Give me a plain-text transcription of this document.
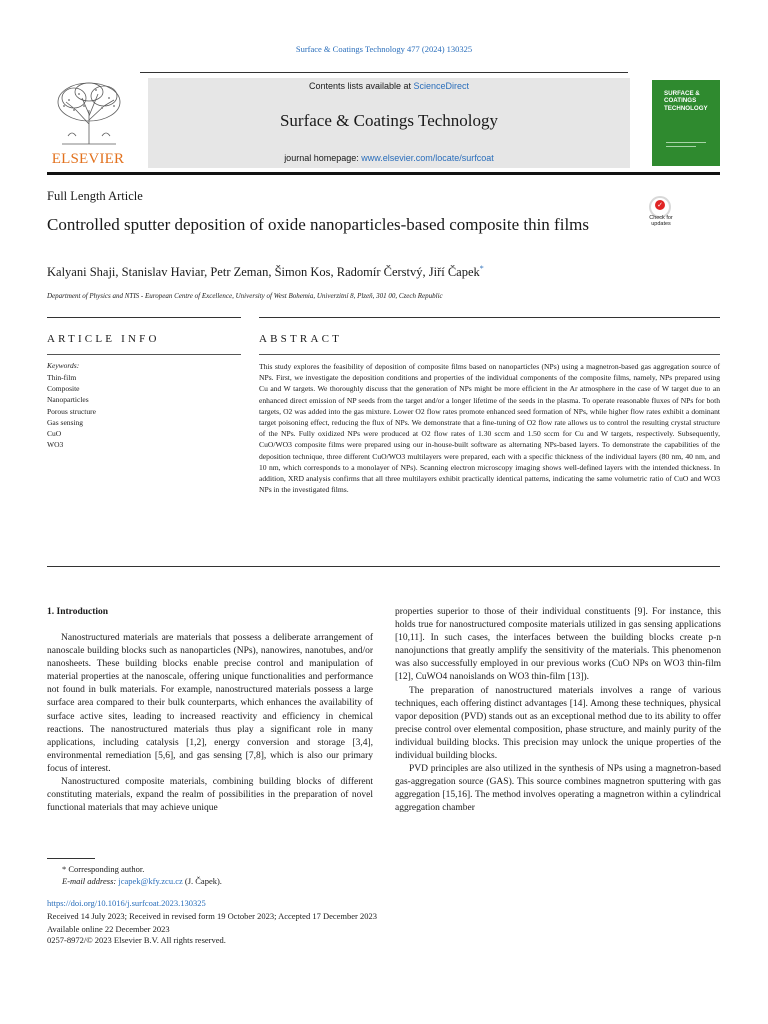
Surface & Coatings Technology 477 (2024) 130325
ELSEVIER
Contents lists available at ScienceDirect
Surface & Coatings Technology
journal homepage: www.elsevier.com/locate/surfcoat
SURFACE &
COATINGS
TECHNOLOGY
Full Length Article
Controlled sputter deposition of oxide nanoparticles-based composite thin films
✓
Check for
updates
Kalyani Shaji, Stanislav Haviar, Petr Zeman, Šimon Kos, Radomír Čerstvý, Jiří Čapek*
Department of Physics and NTIS - European Centre of Excellence, University of West Bohemia, Univerzitní 8, Plzeň, 301 00, Czech Republic
ARTICLE INFO	ABSTRACT
Keywords:
Thin-film
Composite
Nanoparticles
Porous structure
Gas sensing
CuO
WO3
This study explores the feasibility of deposition of composite films based on nanoparticles (NPs) using a magnetron-based gas aggregation source of NPs. First, we investigate the deposition conditions and properties of the individual components of the composite films, namely, NPs prepared using Cu and W targets. We thoroughly discuss that the generation of NPs might be more efficient in the Ar atmosphere in the case of W target due to an enhanced direct emission of NP seeds from the target and/or a longer lifetime of the seeds in the plasma. To operate reasonable fluxes of NPs for both targets, O2 was added into the gas mixture. Lower O2 flow rates promote enhanced seed formation of NPs, while higher flow rates exhibit a dominant target poisoning effect, reducing the flux of NPs. We demonstrate that a fine-tuning of O2 flow rate allows us to control the resulting crystal structure of the NPs. Fully oxidized NPs were produced at O2 flow rates of 1.30 sccm and 1.50 sccm for Cu and W targets, respectively. Subsequently, CuO/WO3 composite films were prepared using our in-house-built software as alternating NPs-based layers. To demonstrate the capabilities of the deposition technique, three different CuO/WO3 multilayers were prepared, each with a specific thickness of the individual layers (80 nm, 40 nm, and 10 nm, which corresponds to a monolayer of NPs). Scanning electron microscopy imaging shows well-defined layers with the intended thickness. In addition, XRD analysis confirms that all three multilayers exhibit practically identical patterns, indicating the same volumetric ratio of CuO and WO3 NPs in the investigated films.
1. Introduction

Nanostructured materials are materials that possess a deliberate arrangement of nanoscale building blocks such as nanoparticles (NPs), nanowires, nanotubes, and/or nanosheets. These building blocks enable precise control and manipulation of material properties at the nanoscale, offering unique functionalities and performance not found in bulk materials. For example, nanostructured materials possess a large surface area compared to their bulk counterparts, which enhances the availability of surface active sites, leading to increased reactivity and efficiency in chemical reactions. The nanostructured materials thus play a significant role in many applications, including catalysis [1,2], energy conversion and storage [3,4], environmental remediation [5,6], and gas sensing [7,8], which is also our primary focus of interest.

Nanostructured composite materials, combining building blocks of different constituting materials, expand the realm of possibilities in the preparation of novel functional materials that may achieve unique

properties superior to those of their individual constituents [9]. For instance, this holds true for nanostructured composite materials utilized in gas sensing applications [10,11]. In such cases, the interfaces between the building blocks create p-n nanojunctions that greatly amplify the sensitivity of the materials. This phenomenon was also successfully employed in our previous works (CuO NPs on WO3 thin-film [12], CuWO4 nanoislands on WO3 thin-film [13]).

The preparation of nanostructured materials involves a range of various techniques, each offering distinct advantages [14]. Among these techniques, physical vapor deposition (PVD) stands out as an exceptional method due to its ability to offer precise control over elemental composition, phase structure, and mainly purity of the individual building blocks. This precision may unlock the unique properties of the individual building blocks.

PVD principles are also utilized in the synthesis of NPs using a magnetron-based gas-aggregation source (GAS). This source combines magnetron sputtering with gas aggregation [15,16]. The method involves operating a magnetron within a cylindrical aggregation chamber

* Corresponding author.
E-mail address: jcapek@kfy.zcu.cz (J. Čapek).
https://doi.org/10.1016/j.surfcoat.2023.130325
Received 14 July 2023; Received in revised form 19 October 2023; Accepted 17 December 2023
Available online 22 December 2023
0257-8972/© 2023 Elsevier B.V. All rights reserved.
